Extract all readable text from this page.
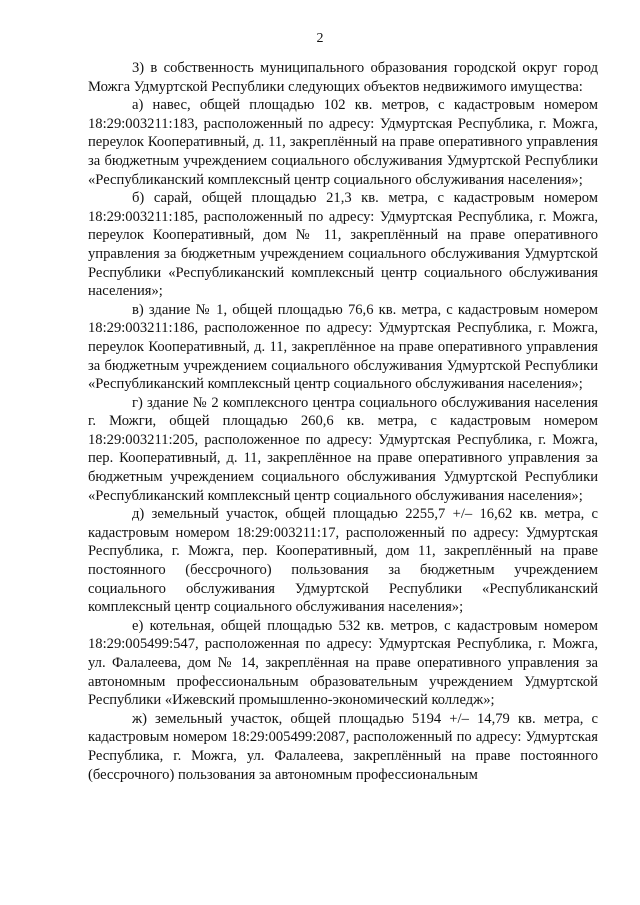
2

3) в собственность муниципального образования городской округ город Можга Удмуртской Республики следующих объектов недвижимого имущества:

а) навес, общей площадью 102 кв. метров, с кадастровым номером 18:29:003211:183, расположенный по адресу: Удмуртская Республика, г. Можга, переулок Кооперативный, д. 11, закреплённый на праве оперативного управления за бюджетным учреждением социального обслуживания Удмуртской Республики «Республиканский комплексный центр социального обслуживания населения»;

б) сарай, общей площадью 21,3 кв. метра, с кадастровым номером 18:29:003211:185, расположенный по адресу: Удмуртская Республика, г. Можга, переулок Кооперативный, дом № 11, закреплённый на праве оперативного управления за бюджетным учреждением социального обслуживания Удмуртской Республики «Республиканский комплексный центр социального обслуживания населения»;

в) здание № 1, общей площадью 76,6 кв. метра, с кадастровым номером 18:29:003211:186, расположенное по адресу: Удмуртская Республика, г. Можга, переулок Кооперативный, д. 11, закреплённое на праве оперативного управления за бюджетным учреждением социального обслуживания Удмуртской Республики «Республиканский комплексный центр социального обслуживания населения»;

г) здание № 2 комплексного центра социального обслуживания населения г. Можги, общей площадью 260,6 кв. метра, с кадастровым номером 18:29:003211:205, расположенное по адресу: Удмуртская Республика, г. Можга, пер. Кооперативный, д. 11, закреплённое на праве оперативного управления за бюджетным учреждением социального обслуживания Удмуртской Республики «Республиканский комплексный центр социального обслуживания населения»;

д) земельный участок, общей площадью 2255,7 +/– 16,62 кв. метра, с кадастровым номером 18:29:003211:17, расположенный по адресу: Удмуртская Республика, г. Можга, пер. Кооперативный, дом 11, закреплённый на праве постоянного (бессрочного) пользования за бюджетным учреждением социального обслуживания Удмуртской Республики «Республиканский комплексный центр социального обслуживания населения»;

е) котельная, общей площадью 532 кв. метров, с кадастровым номером 18:29:005499:547, расположенная по адресу: Удмуртская Республика, г. Можга, ул. Фалалеева, дом № 14, закреплённая на праве оперативного управления за автономным профессиональным образовательным учреждением Удмуртской Республики «Ижевский промышленно-экономический колледж»;

ж) земельный участок, общей площадью 5194 +/– 14,79 кв. метра, с кадастровым номером 18:29:005499:2087, расположенный по адресу: Удмуртская Республика, г. Можга, ул. Фалалеева, закреплённый на праве постоянного (бессрочного) пользования за автономным профессиональным
